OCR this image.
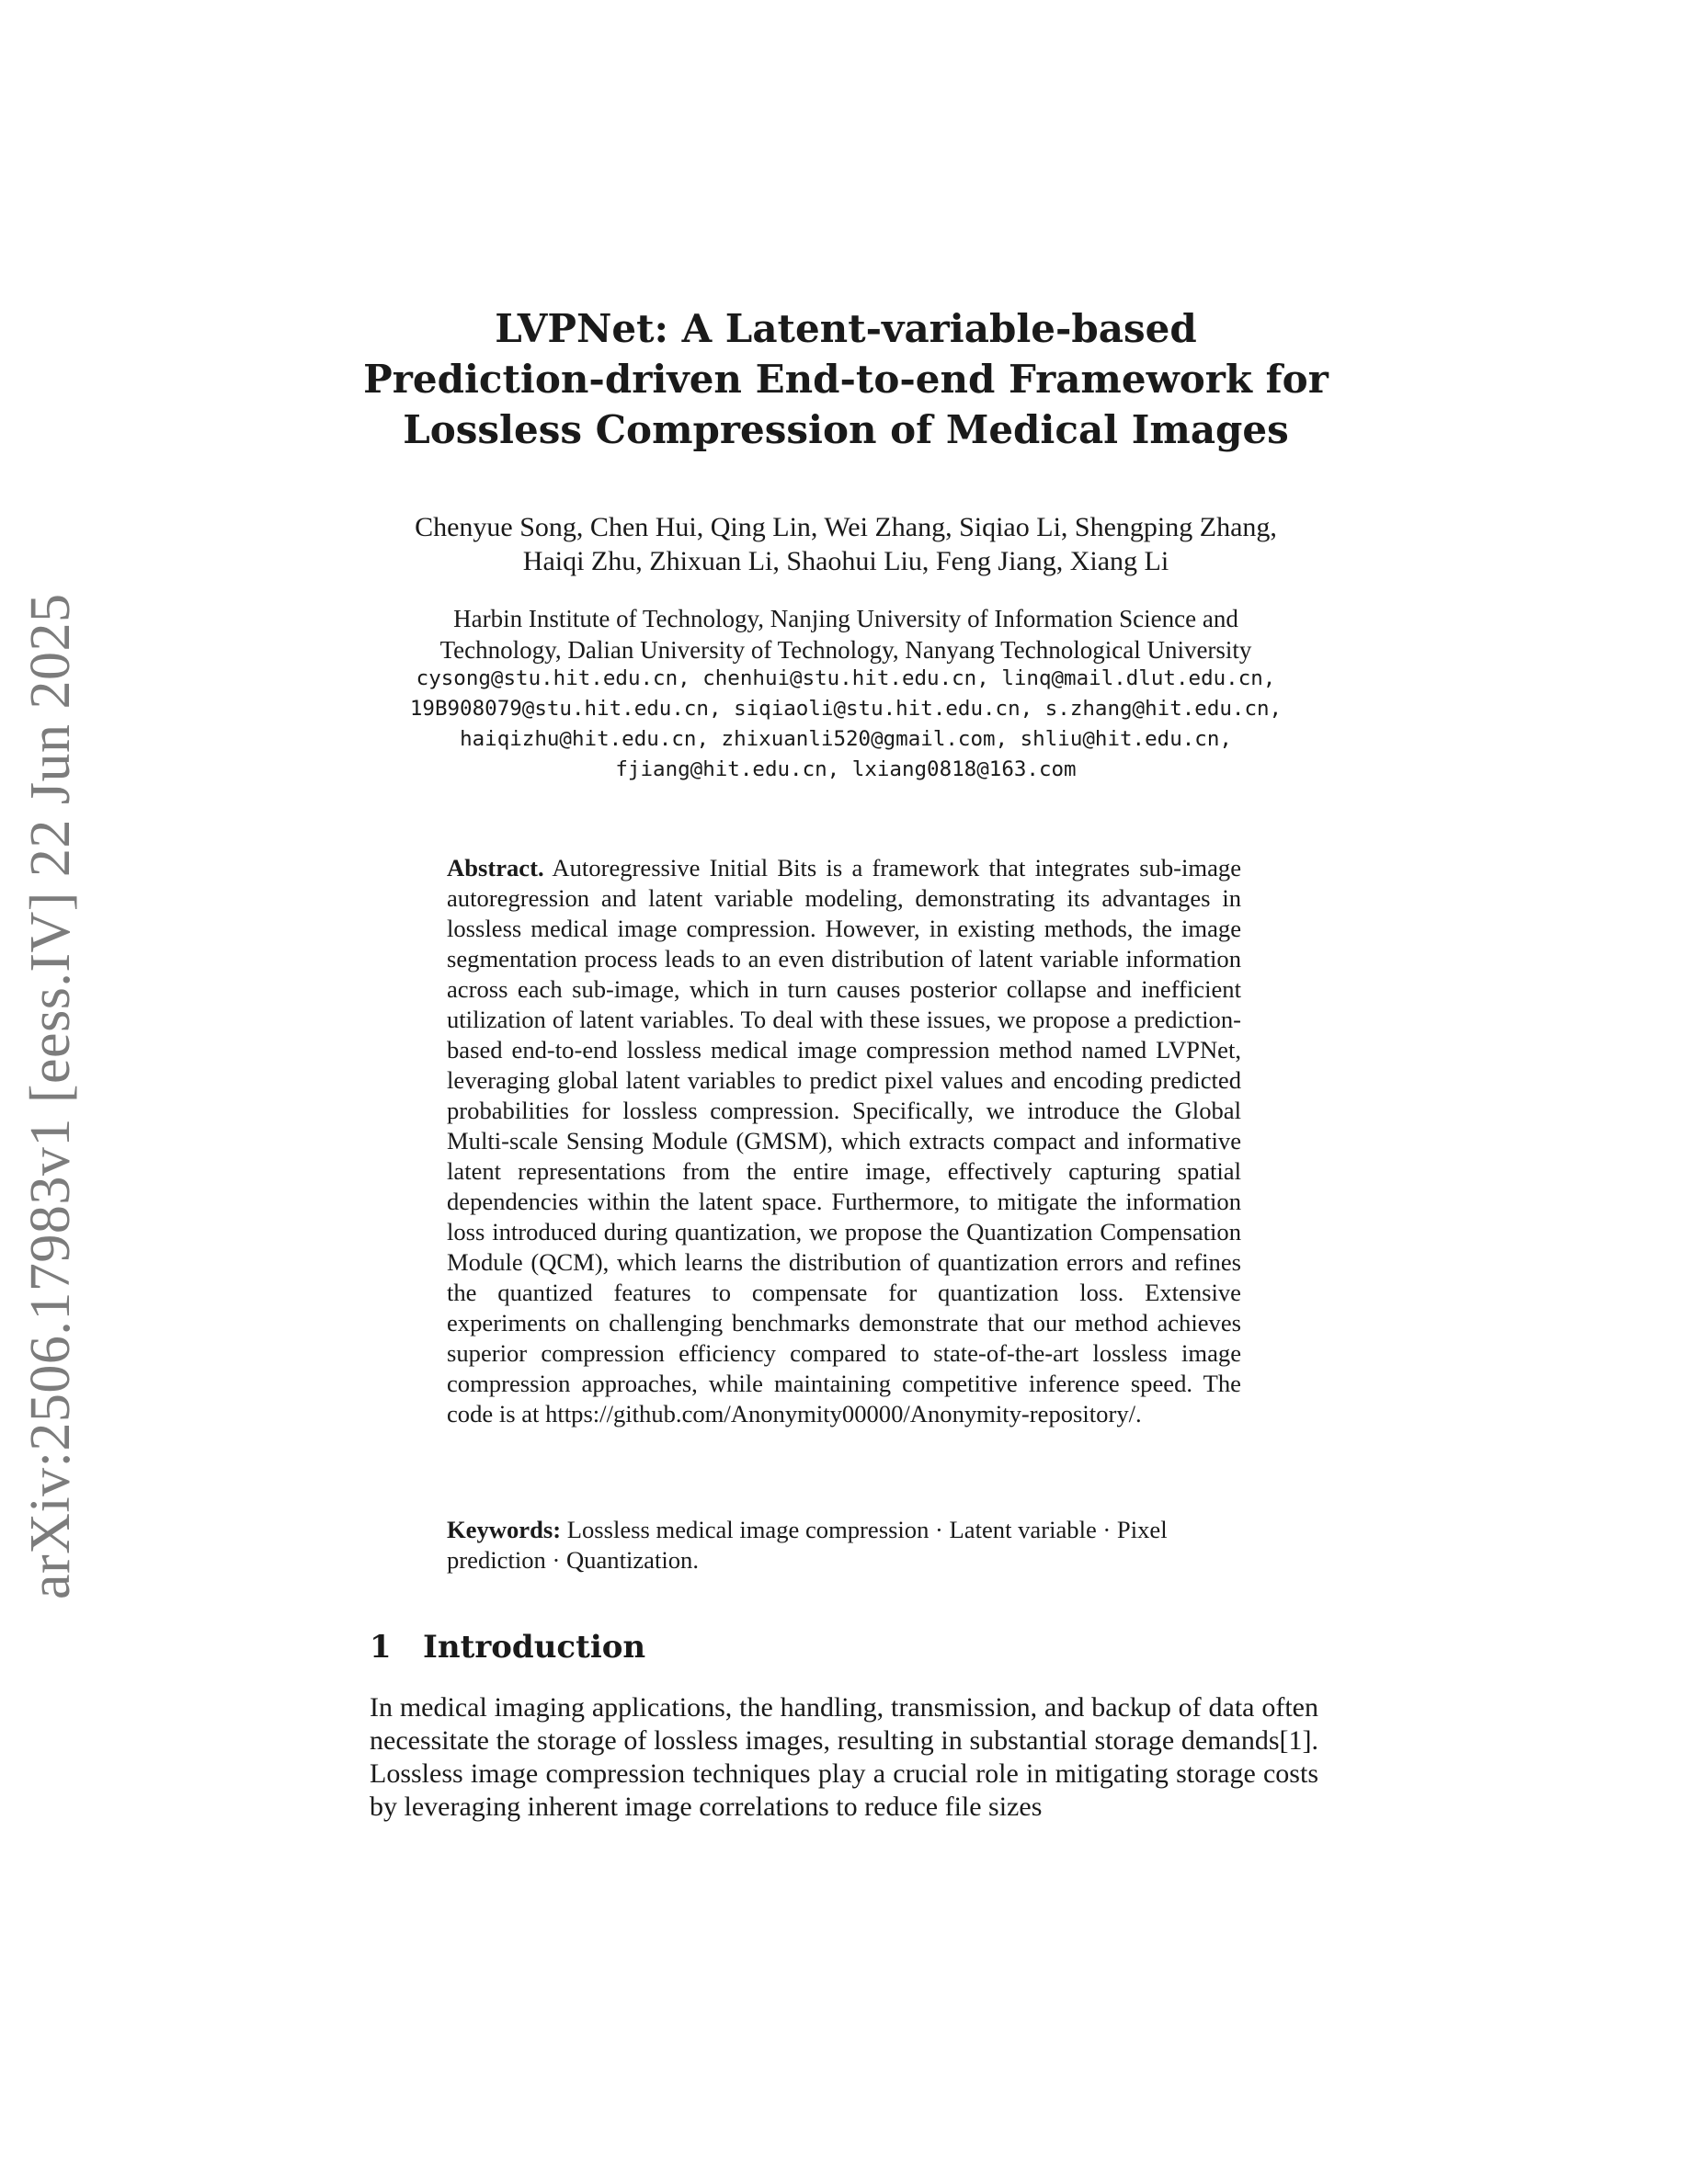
arXiv:2506.17983v1 [eess.IV] 22 Jun 2025
LVPNet: A Latent-variable-based
Prediction-driven End-to-end Framework for
Lossless Compression of Medical Images
Chenyue Song, Chen Hui, Qing Lin, Wei Zhang, Siqiao Li, Shengping Zhang,
Haiqi Zhu, Zhixuan Li, Shaohui Liu, Feng Jiang, Xiang Li
Harbin Institute of Technology, Nanjing University of Information Science and
Technology, Dalian University of Technology, Nanyang Technological University
cysong@stu.hit.edu.cn, chenhui@stu.hit.edu.cn, linq@mail.dlut.edu.cn,
19B908079@stu.hit.edu.cn, siqiaoli@stu.hit.edu.cn, s.zhang@hit.edu.cn,
haiqizhu@hit.edu.cn, zhixuanli520@gmail.com, shliu@hit.edu.cn,
fjiang@hit.edu.cn, lxiang0818@163.com
Abstract. Autoregressive Initial Bits is a framework that integrates sub-image autoregression and latent variable modeling, demonstrating its advantages in lossless medical image compression. However, in existing methods, the image segmentation process leads to an even distribution of latent variable information across each sub-image, which in turn causes posterior collapse and inefficient utilization of latent variables. To deal with these issues, we propose a prediction-based end-to-end lossless medical image compression method named LVPNet, leveraging global latent variables to predict pixel values and encoding predicted probabilities for lossless compression. Specifically, we introduce the Global Multi-scale Sensing Module (GMSM), which extracts compact and informative latent representations from the entire image, effectively capturing spatial dependencies within the latent space. Furthermore, to mitigate the information loss introduced during quantization, we propose the Quantization Compensation Module (QCM), which learns the distribution of quantization errors and refines the quantized features to compensate for quantization loss. Extensive experiments on challenging benchmarks demonstrate that our method achieves superior compression efficiency compared to state-of-the-art lossless image compression approaches, while maintaining competitive inference speed. The code is at https://github.com/Anonymity00000/Anonymity-repository/.
Keywords: Lossless medical image compression · Latent variable · Pixel prediction · Quantization.
1 Introduction
In medical imaging applications, the handling, transmission, and backup of data often necessitate the storage of lossless images, resulting in substantial storage demands[1]. Lossless image compression techniques play a crucial role in mitigating storage costs by leveraging inherent image correlations to reduce file sizes
